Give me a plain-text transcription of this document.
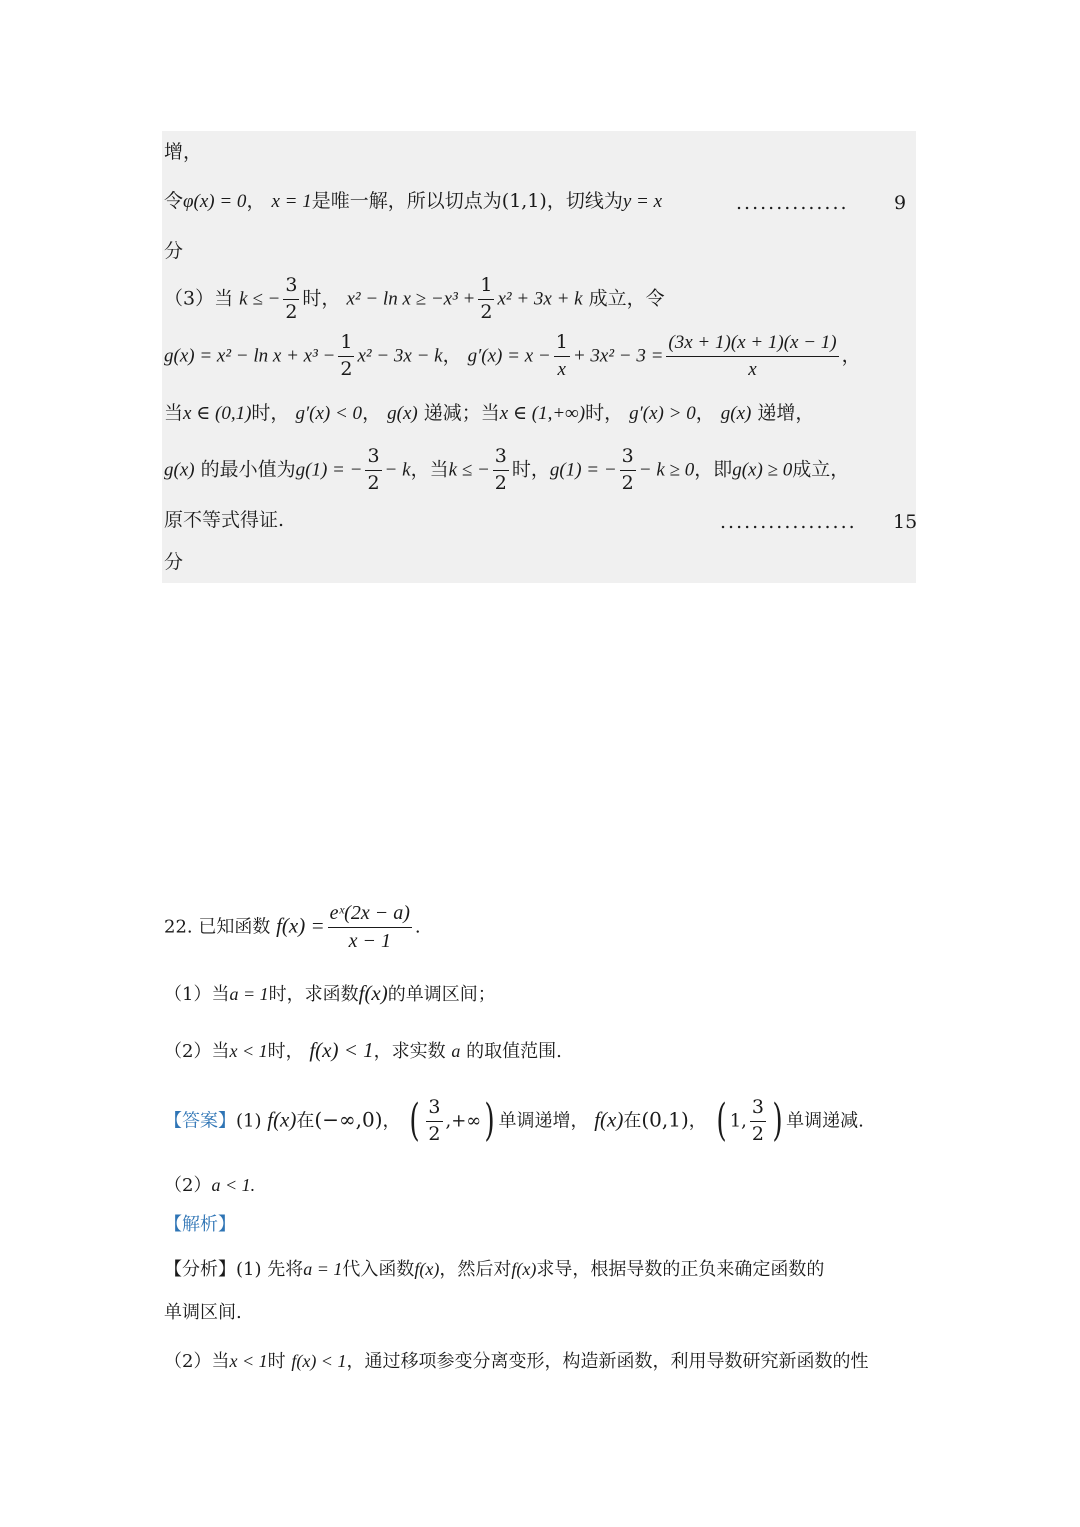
增，
令φ(x) = 0， x = 1是唯一解，所以切点为(1,1)，切线为y = x	.............. 9
分
（3）当 k ≤ − $\frac{3}{2}$ 时， $x^2 - \ln x \ge -x^3 + \frac{1}{2} x^2 + 3x + k$ 成立，令
$g(x) = x^2 - \ln x + x^3 - \frac{1}{2} x^2 - 3x - k$， $g'(x) = x - \frac{1}{x} + 3x^2 - 3 = \frac{(3x + 1)(x + 1)(x - 1)}{x}$ ，
当x ∈ (0,1)时， g′(x) < 0， g(x) 递减；当x ∈ (1,+∞)时， g′(x) > 0， g(x) 递增，
g(x) 的最小值为g(1) = − $\frac{3}{2} - k$，当k ≤ − $\frac{3}{2}$ 时，g(1) = − $\frac{3}{2} - k \ge 0$，即g(x) ≥ 0成立，
原不等式得证.	................. 15
分
22. 已知函数 $f(x) = \frac{\text{eˣ(2x − a)}}{x - 1}$ .
（1）当a = 1时，求函数f(x)的单调区间；
（2）当x < 1时， f(x) < 1，求实数 a 的取值范围.
【答案】(1) f(x)在(−∞,0)， ( $\frac{3}{2}$ ,+∞) 单调递增， f(x)在(0,1)， ( 1, $\frac{3}{2}$ ) 单调递减.
（2）a < 1.
【解析】
【分析】(1) 先将a = 1代入函数f(x)，然后对f(x)求导，根据导数的正负来确定函数的
单调区间.
（2）当x < 1时 f(x) < 1，通过移项参变分离变形，构造新函数，利用导数研究新函数的性
